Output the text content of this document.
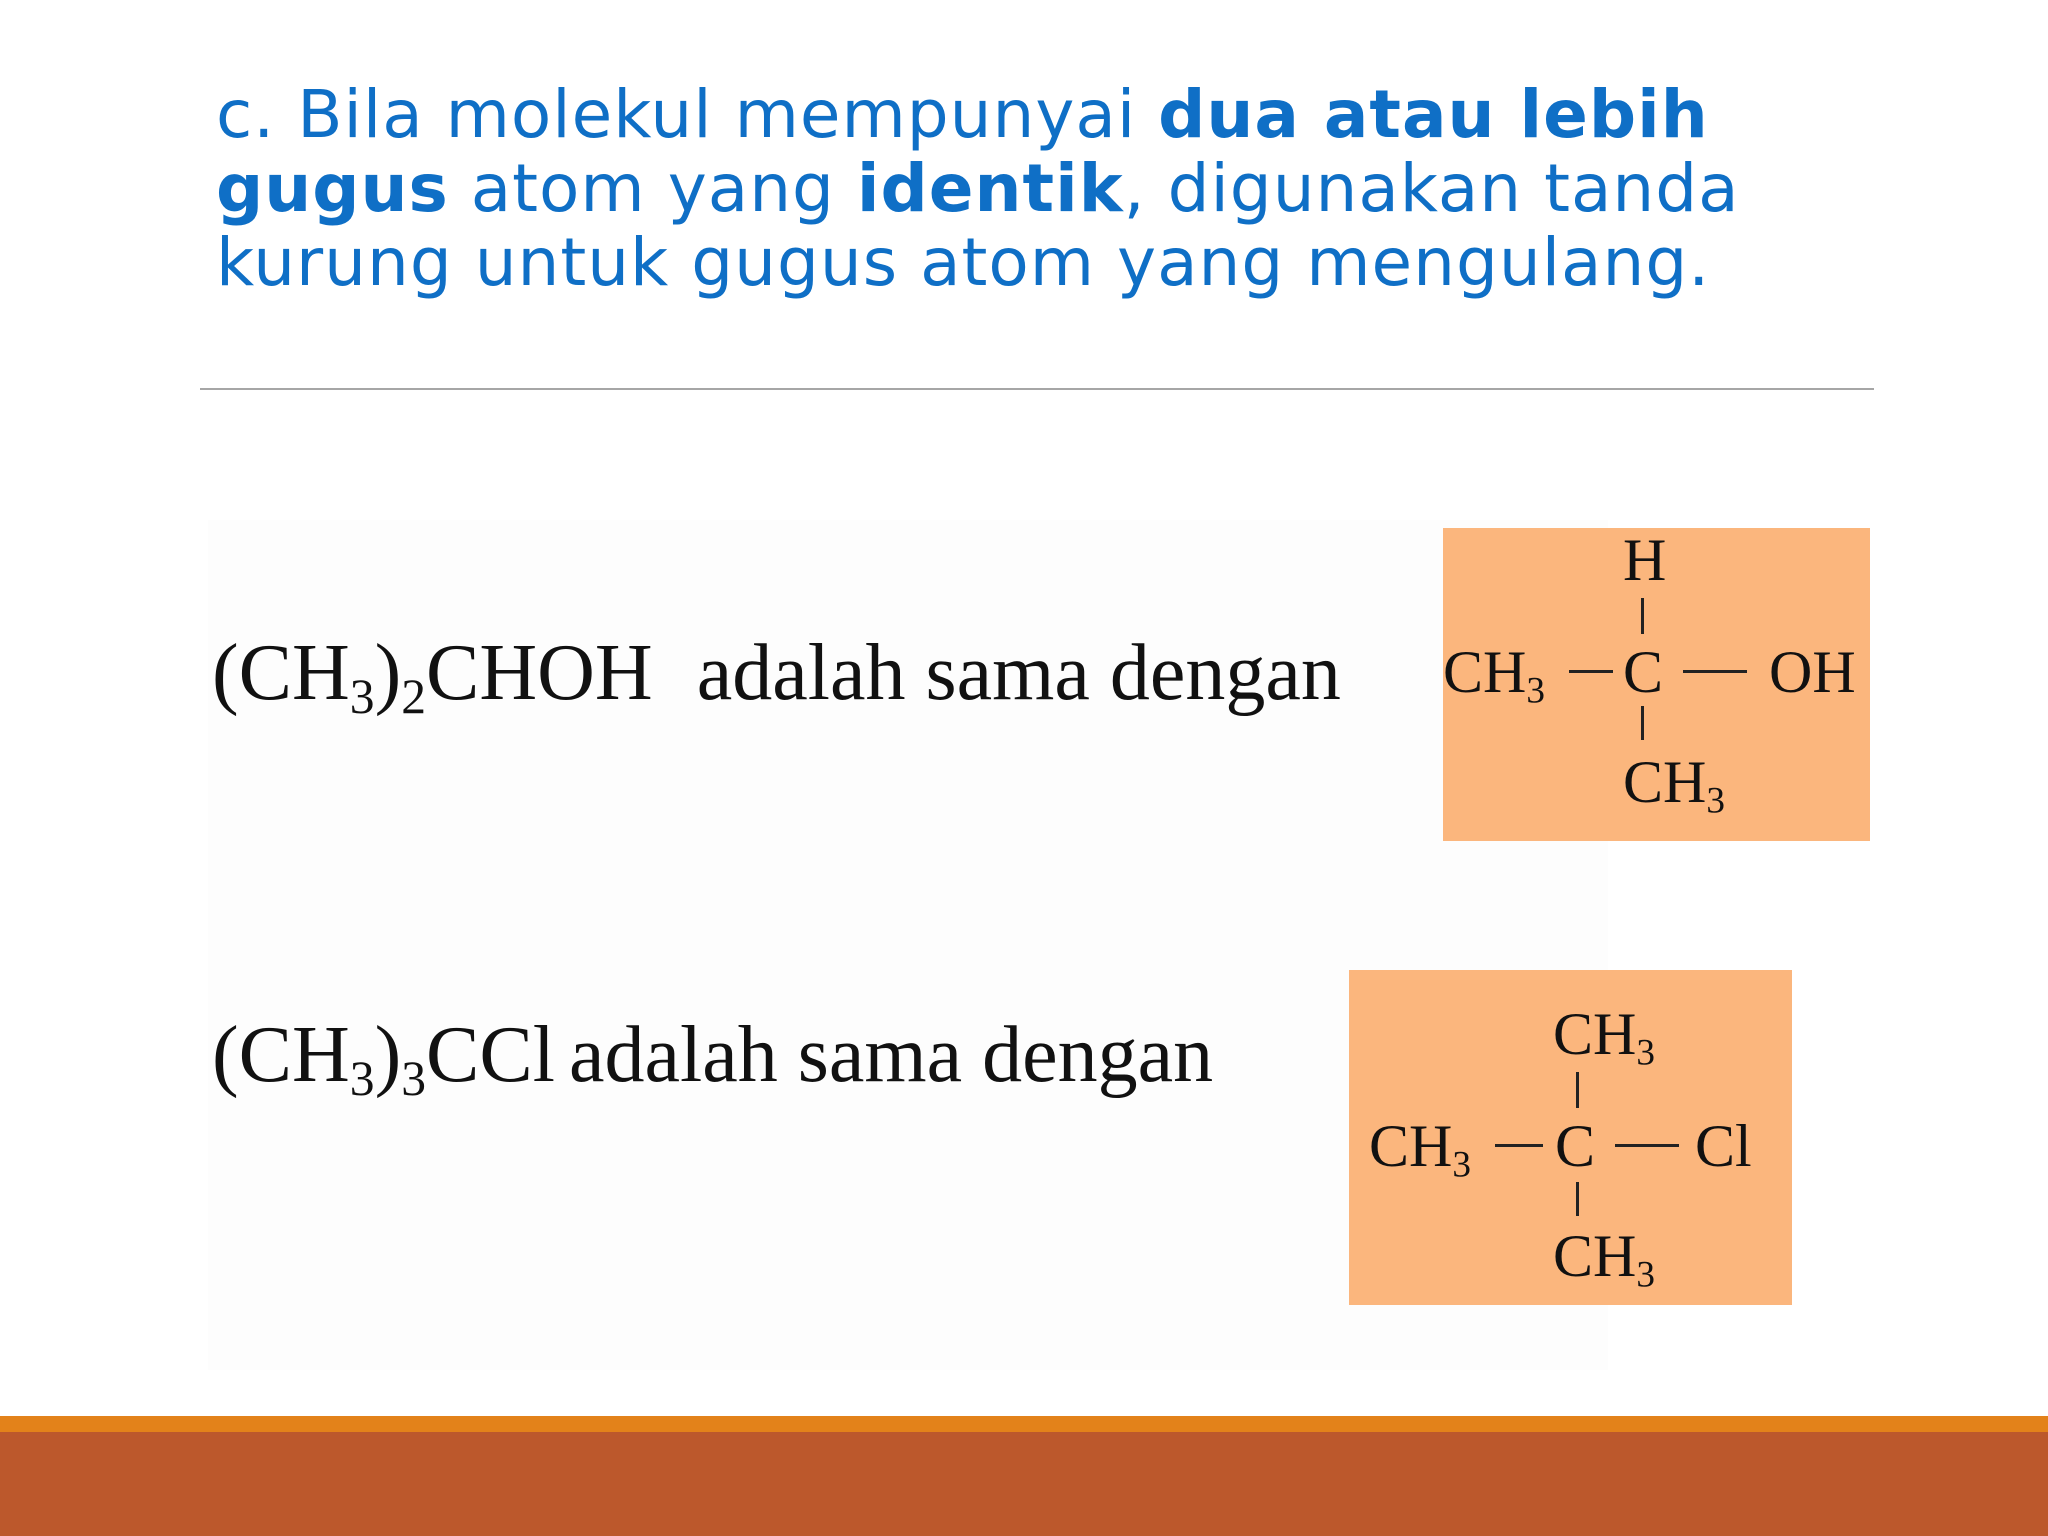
c. Bila molekul mempunyai dua atau lebih
gugus atom yang identik, digunakan tanda
kurung untuk gugus atom yang mengulang.
$(CH_3)_2CHOH$ adalah sama dengan
H
$CH_3$ C OH
$CH_3$
$(CH_3)_3CCl$ adalah sama dengan	$CH_3$
$CH_3$ C Cl
$CH_3$
